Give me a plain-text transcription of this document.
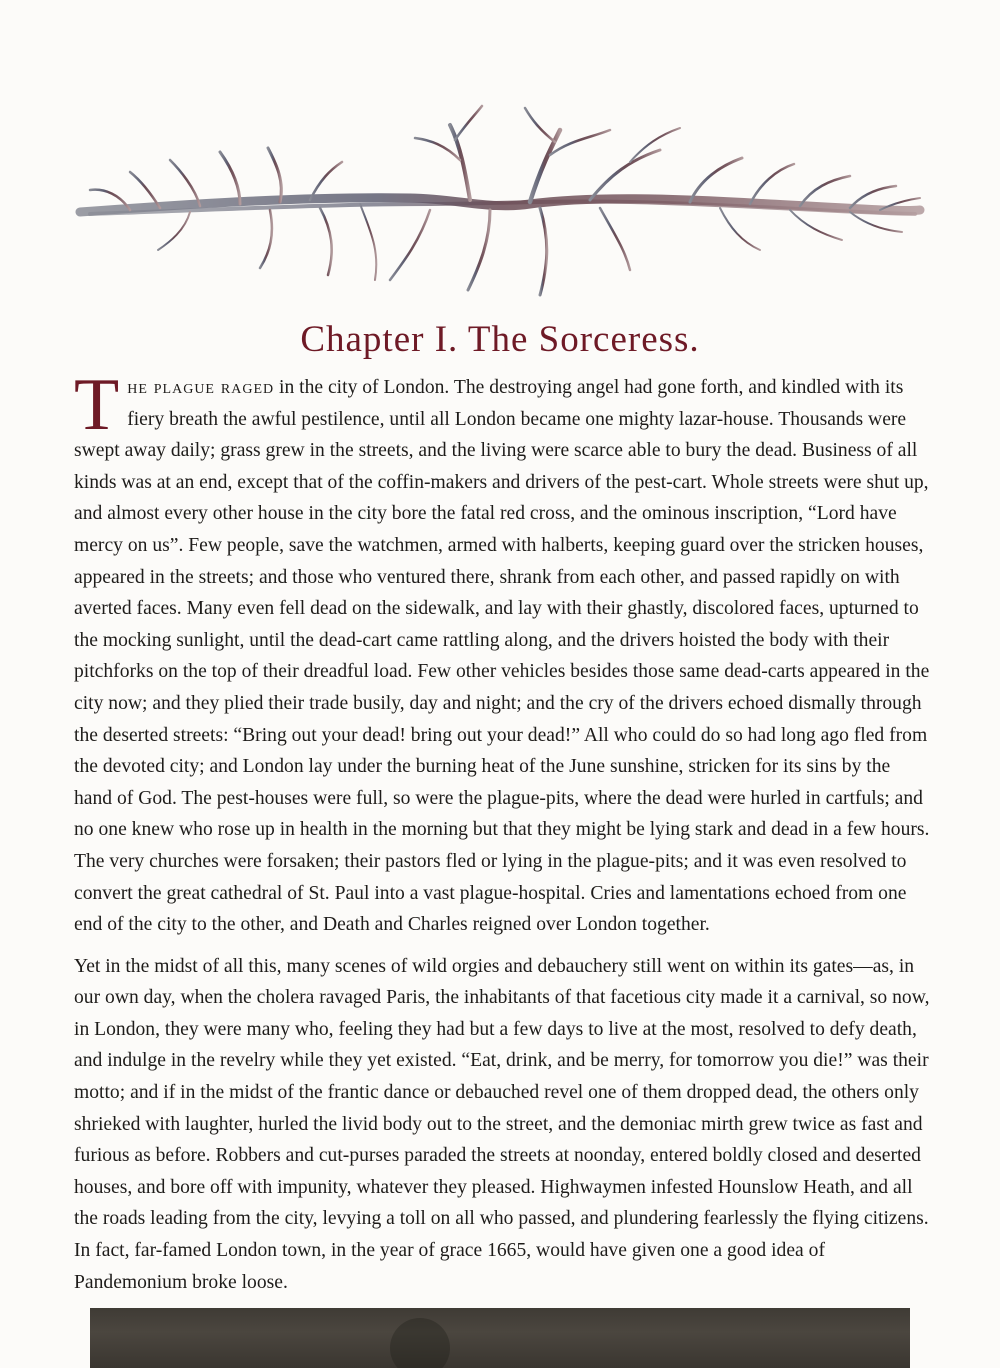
Chapter I. The Sorceress.

The plague raged in the city of London. The destroying angel had gone forth, and kindled with its fiery breath the awful pestilence, until all London became one mighty lazar-house. Thousands were swept away daily; grass grew in the streets, and the living were scarce able to bury the dead. Business of all kinds was at an end, except that of the coffin-makers and drivers of the pest-cart. Whole streets were shut up, and almost every other house in the city bore the fatal red cross, and the ominous inscription, “Lord have mercy on us”. Few people, save the watchmen, armed with halberts, keeping guard over the stricken houses, appeared in the streets; and those who ventured there, shrank from each other, and passed rapidly on with averted faces. Many even fell dead on the sidewalk, and lay with their ghastly, discolored faces, upturned to the mocking sunlight, until the dead-cart came rattling along, and the drivers hoisted the body with their pitchforks on the top of their dreadful load. Few other vehicles besides those same dead-carts appeared in the city now; and they plied their trade busily, day and night; and the cry of the drivers echoed dismally through the deserted streets: “Bring out your dead! bring out your dead!” All who could do so had long ago fled from the devoted city; and London lay under the burning heat of the June sunshine, stricken for its sins by the hand of God. The pest-houses were full, so were the plague-pits, where the dead were hurled in cartfuls; and no one knew who rose up in health in the morning but that they might be lying stark and dead in a few hours. The very churches were forsaken; their pastors fled or lying in the plague-pits; and it was even resolved to convert the great cathedral of St. Paul into a vast plague-hospital. Cries and lamentations echoed from one end of the city to the other, and Death and Charles reigned over London together.

Yet in the midst of all this, many scenes of wild orgies and debauchery still went on within its gates—as, in our own day, when the cholera ravaged Paris, the inhabitants of that facetious city made it a carnival, so now, in London, they were many who, feeling they had but a few days to live at the most, resolved to defy death, and indulge in the revelry while they yet existed. “Eat, drink, and be merry, for tomorrow you die!” was their motto; and if in the midst of the frantic dance or debauched revel one of them dropped dead, the others only shrieked with laughter, hurled the livid body out to the street, and the demoniac mirth grew twice as fast and furious as before. Robbers and cut-purses paraded the streets at noonday, entered boldly closed and deserted houses, and bore off with impunity, whatever they pleased. Highwaymen infested Hounslow Heath, and all the roads leading from the city, levying a toll on all who passed, and plundering fearlessly the flying citizens. In fact, far-famed London town, in the year of grace 1665, would have given one a good idea of Pandemonium broke loose.
